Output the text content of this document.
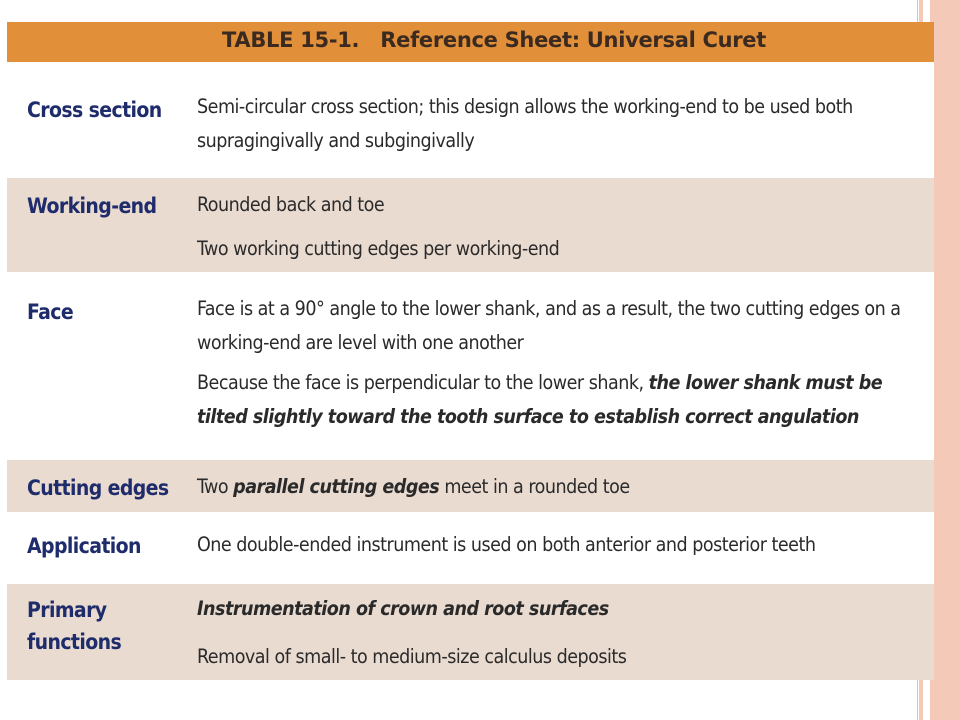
TABLE 15-1.   Reference Sheet: Universal Curet
Cross section Semi-circular cross section; this design allows the working-end to be used both supragingivally and subgingivally

Working-end Rounded back and toe

Two working cutting edges per working-end

Face	Face is at a 90° angle to the lower shank, and as a result, the two cutting edges on a working-end are level with one another

Because the face is perpendicular to the lower shank, the lower shank must be tilted slightly toward the tooth surface to establish correct angulation

Cutting edges Two parallel cutting edges meet in a rounded toe

Application	One double-ended instrument is used on both anterior and posterior teeth

Primary functions

Instrumentation of crown and root surfaces

Removal of small- to medium-size calculus deposits
